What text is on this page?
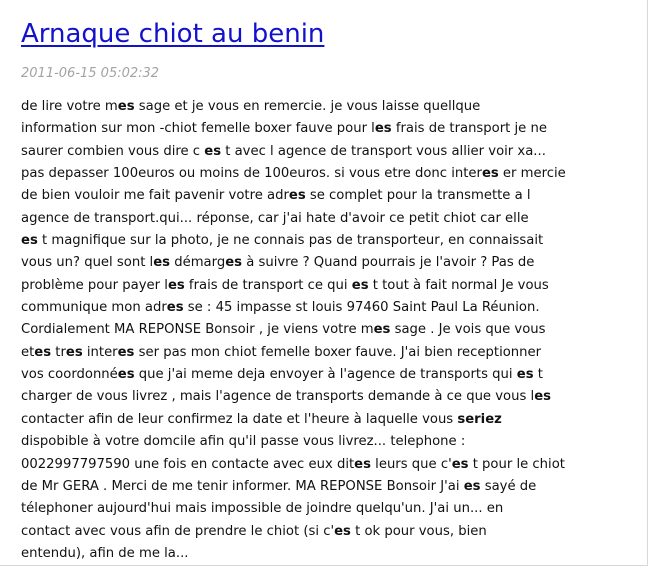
Arnaque chiot au benin
2011-06-15 05:02:32
de lire votre mes sage et je vous en remercie. je vous laisse quellque
information sur mon -chiot femelle boxer fauve pour les frais de transport je ne
saurer combien vous dire c es t avec l agence de transport vous allier voir xa...
pas depasser 100euros ou moins de 100euros. si vous etre donc interes er mercie
de bien vouloir me fait pavenir votre adres se complet pour la transmette a l
agence de transport.qui... réponse, car j'ai hate d'avoir ce petit chiot car elle
es t magnifique sur la photo, je ne connais pas de transporteur, en connaissait
vous un? quel sont les démarges à suivre ? Quand pourrais je l'avoir ? Pas de
problème pour payer les frais de transport ce qui es t tout à fait normal Je vous
communique mon adres se : 45 impasse st louis 97460 Saint Paul La Réunion.
Cordialement MA REPONSE Bonsoir , je viens votre mes sage . Je vois que vous
etes tres interes ser pas mon chiot femelle boxer fauve. J'ai bien receptionner
vos coordonnées que j'ai meme deja envoyer à l'agence de transports qui es t
charger de vous livrez , mais l'agence de transports demande à ce que vous les
contacter afin de leur confirmez la date et l'heure à laquelle vous seriez
dispobible à votre domcile afin qu'il passe vous livrez... telephone :
0022997797590 une fois en contacte avec eux dites leurs que c'es t pour le chiot
de Mr GERA . Merci de me tenir informer. MA REPONSE Bonsoir J'ai es sayé de
télephoner aujourd'hui mais impossible de joindre quelqu'un. J'ai un... en
contact avec vous afin de prendre le chiot (si c'es t ok pour vous, bien
entendu), afin de me la...
